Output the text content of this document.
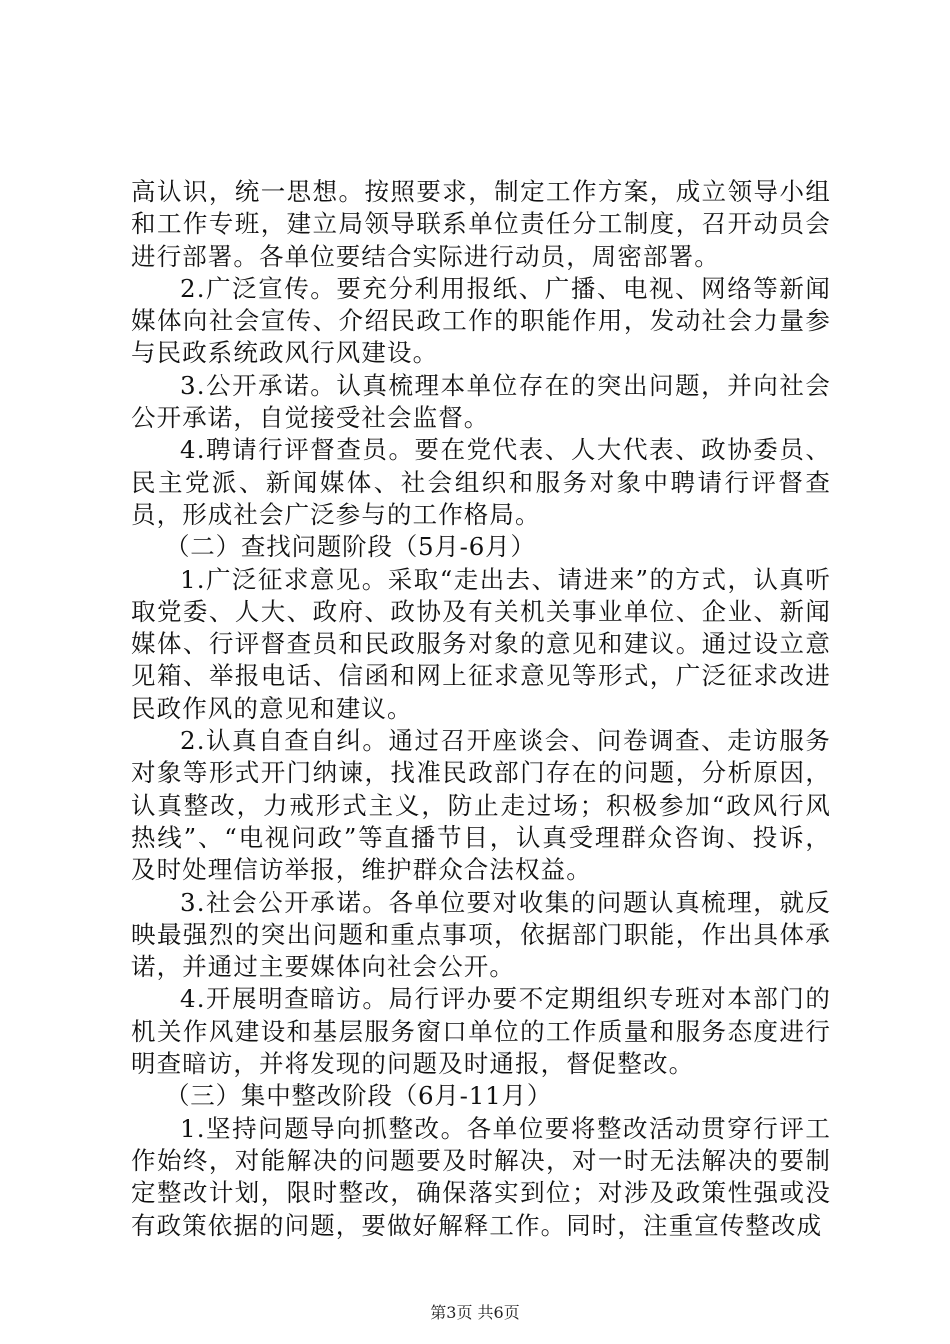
高认识，统一思想。按照要求，制定工作方案，成立领导小组和工作专班，建立局领导联系单位责任分工制度，召开动员会进行部署。各单位要结合实际进行动员，周密部署。

2.广泛宣传。要充分利用报纸、广播、电视、网络等新闻媒体向社会宣传、介绍民政工作的职能作用，发动社会力量参与民政系统政风行风建设。

3.公开承诺。认真梳理本单位存在的突出问题，并向社会公开承诺，自觉接受社会监督。

4.聘请行评督查员。要在党代表、人大代表、政协委员、民主党派、新闻媒体、社会组织和服务对象中聘请行评督查员，形成社会广泛参与的工作格局。

（二）查找问题阶段（5月-6月）

1.广泛征求意见。采取“走出去、请进来”的方式，认真听取党委、人大、政府、政协及有关机关事业单位、企业、新闻媒体、行评督查员和民政服务对象的意见和建议。通过设立意见箱、举报电话、信函和网上征求意见等形式，广泛征求改进民政作风的意见和建议。

2.认真自查自纠。通过召开座谈会、问卷调查、走访服务对象等形式开门纳谏，找准民政部门存在的问题，分析原因，认真整改，力戒形式主义，防止走过场；积极参加“政风行风热线”、“电视问政”等直播节目，认真受理群众咨询、投诉，及时处理信访举报，维护群众合法权益。

3.社会公开承诺。各单位要对收集的问题认真梳理，就反映最强烈的突出问题和重点事项，依据部门职能，作出具体承诺，并通过主要媒体向社会公开。

4.开展明查暗访。局行评办要不定期组织专班对本部门的机关作风建设和基层服务窗口单位的工作质量和服务态度进行明查暗访，并将发现的问题及时通报，督促整改。

（三）集中整改阶段（6月-11月）

1.坚持问题导向抓整改。各单位要将整改活动贯穿行评工作始终，对能解决的问题要及时解决，对一时无法解决的要制定整改计划，限时整改，确保落实到位；对涉及政策性强或没有政策依据的问题，要做好解释工作。同时，注重宣传整改成

第3页 共6页
